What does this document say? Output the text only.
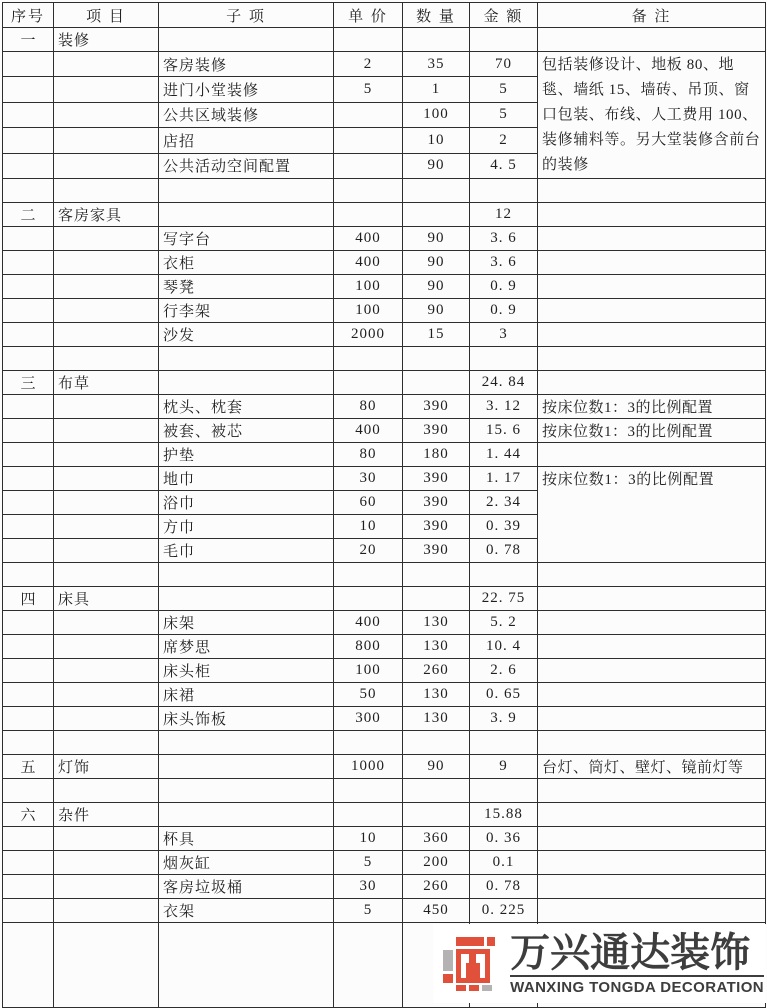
序号	项 目	子 项	单 价	数 量	金 额	备 注
一	装修					
		客房装修	2	35	70	包括装修设计、地板 80、地毯、墙纸 15、墙砖、吊顶、窗口包装、布线、人工费用 100、装修辅料等。另大堂装修含前台的装修
		进门小堂装修	5	1	5	
		公共区域装修		100	5	
		店招		10	2	
		公共活动空间配置		90	4. 5	

二	客房家具				12	
		写字台	400	90	3. 6	
		衣柜	400	90	3. 6	
		琴凳	100	90	0. 9	
		行李架	100	90	0. 9	
		沙发	2000	15	3	

三	布草				24. 84	
		枕头、枕套	80	390	3. 12	按床位数1：3的比例配置
		被套、被芯	400	390	15. 6	按床位数1：3的比例配置
		护垫	80	180	1. 44	
		地巾	30	390	1. 17	按床位数1：3的比例配置
		浴巾	60	390	2. 34	
		方巾	10	390	0. 39	
		毛巾	20	390	0. 78	

四	床具				22. 75	
		床架	400	130	5. 2	
		席梦思	800	130	10. 4	
		床头柜	100	260	2. 6	
		床裙	50	130	0. 65	
		床头饰板	300	130	3. 9	

五	灯饰		1000	90	9	台灯、筒灯、壁灯、镜前灯等

六	杂件				15.88	
		杯具	10	360	0. 36	
		烟灰缸	5	200	0.1	
		客房垃圾桶	30	260	0. 78	
		衣架	5	450	0. 225	

万兴通达装饰
WANXING TONGDA DECORATION
